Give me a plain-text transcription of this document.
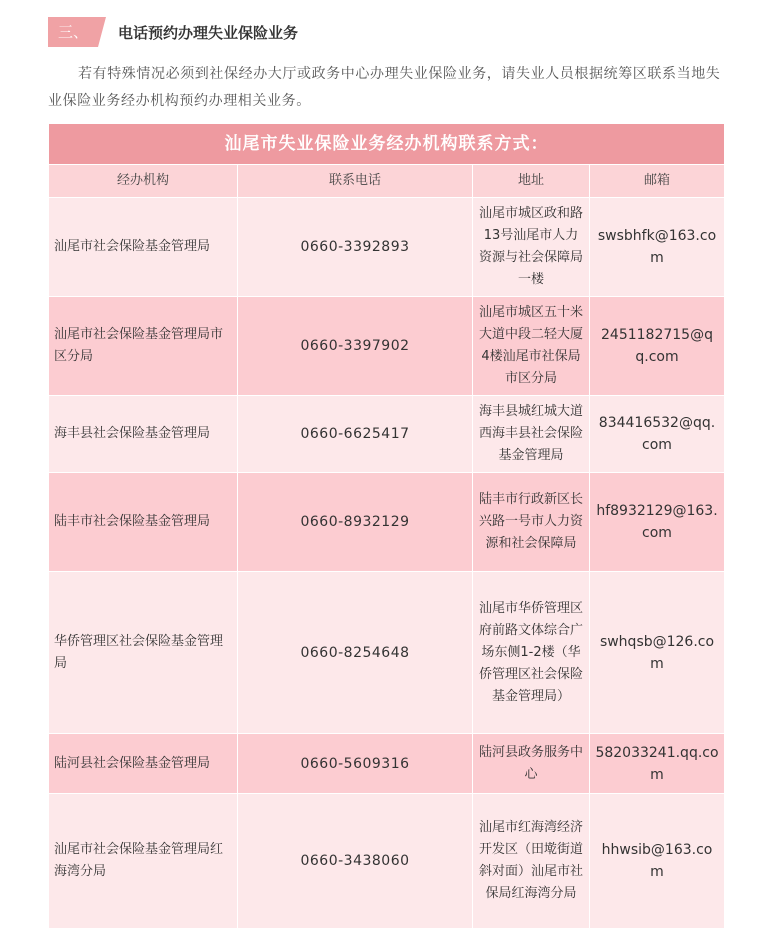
三、	电话预约办理失业保险业务
若有特殊情况必须到社保经办大厅或政务中心办理失业保险业务，请失业人员根据统筹区联系当地失业保险业务经办机构预约办理相关业务。
汕尾市失业保险业务经办机构联系方式：			
经办机构	联系电话	地址	邮箱
汕尾市社会保险基金管理局	0660-3392893	汕尾市城区政和路13号汕尾市人力资源与社会保障局一楼	swsbhfk@163.com
汕尾市社会保险基金管理局市区分局	0660-3397902	汕尾市城区五十米大道中段二轻大厦4楼汕尾市社保局市区分局	2451182715@qq.com
海丰县社会保险基金管理局	0660-6625417	海丰县城红城大道西海丰县社会保险基金管理局	834416532@qq.com
陆丰市社会保险基金管理局	0660-8932129	陆丰市行政新区长兴路一号市人力资源和社会保障局	hf8932129@163.com
华侨管理区社会保险基金管理局	0660-8254648	汕尾市华侨管理区府前路文体综合广场东侧1-2楼（华侨管理区社会保险基金管理局）	swhqsb@126.com
陆河县社会保险基金管理局	0660-5609316	陆河县政务服务中心	582033241.qq.com
汕尾市社会保险基金管理局红海湾分局	0660-3438060	汕尾市红海湾经济开发区（田墘街道斜对面）汕尾市社保局红海湾分局	hhwsib@163.com
